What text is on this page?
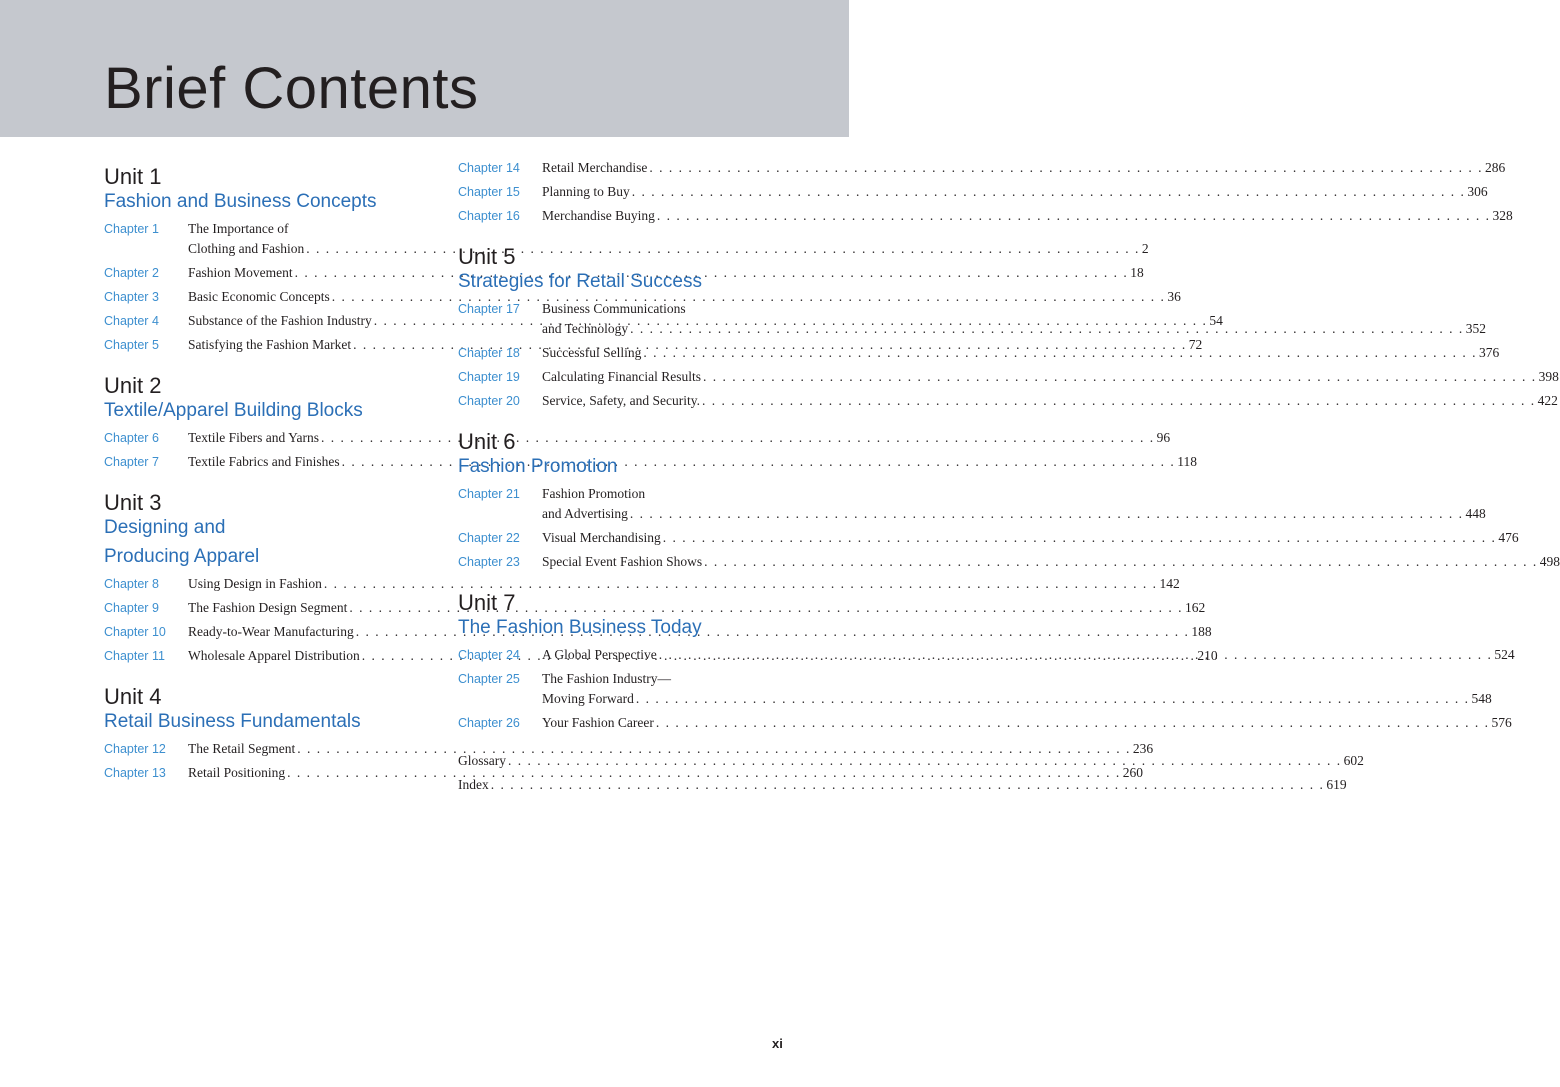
Brief Contents
Unit 1
Fashion and Business Concepts
Chapter 1	The Importance of
Clothing and Fashion . . .	2
Chapter 2	Fashion Movement . . .	18
Chapter 3	Basic Economic Concepts . . .	36
Chapter 4	Substance of the Fashion Industry . . .	54
Chapter 5	Satisfying the Fashion Market . . .	72
Unit 2
Textile/Apparel Building Blocks
Chapter 6	Textile Fibers and Yarns . . .	96
Chapter 7	Textile Fabrics and Finishes . . .	118
Unit 3
Designing and
Producing Apparel
Chapter 8	Using Design in Fashion . . .	142
Chapter 9	The Fashion Design Segment . . .	162
Chapter 10	Ready-to-Wear Manufacturing . . .	188
Chapter 11	Wholesale Apparel Distribution . . .	210
Unit 4
Retail Business Fundamentals
Chapter 12	The Retail Segment . . .	236
Chapter 13	Retail Positioning . . .	260
Chapter 14	Retail Merchandise . . .	286
Chapter 15	Planning to Buy . . .	306
Chapter 16	Merchandise Buying . . .	328
Unit 5
Strategies for Retail Success
Chapter 17	Business Communications
and Technology . . .	352
Chapter 18	Successful Selling . . .	376
Chapter 19	Calculating Financial Results . . .	398
Chapter 20	Service, Safety, and Security. . . .	422
Unit 6
Fashion Promotion
Chapter 21	Fashion Promotion
and Advertising . . .	448
Chapter 22	Visual Merchandising . . .	476
Chapter 23	Special Event Fashion Shows . . .	498
Unit 7
The Fashion Business Today
Chapter 24	A Global Perspective . . .	524
Chapter 25	The Fashion Industry—
Moving Forward . . .	548
Chapter 26	Your Fashion Career . . .	576
Glossary . . .	602
Index . . .	619
xi
